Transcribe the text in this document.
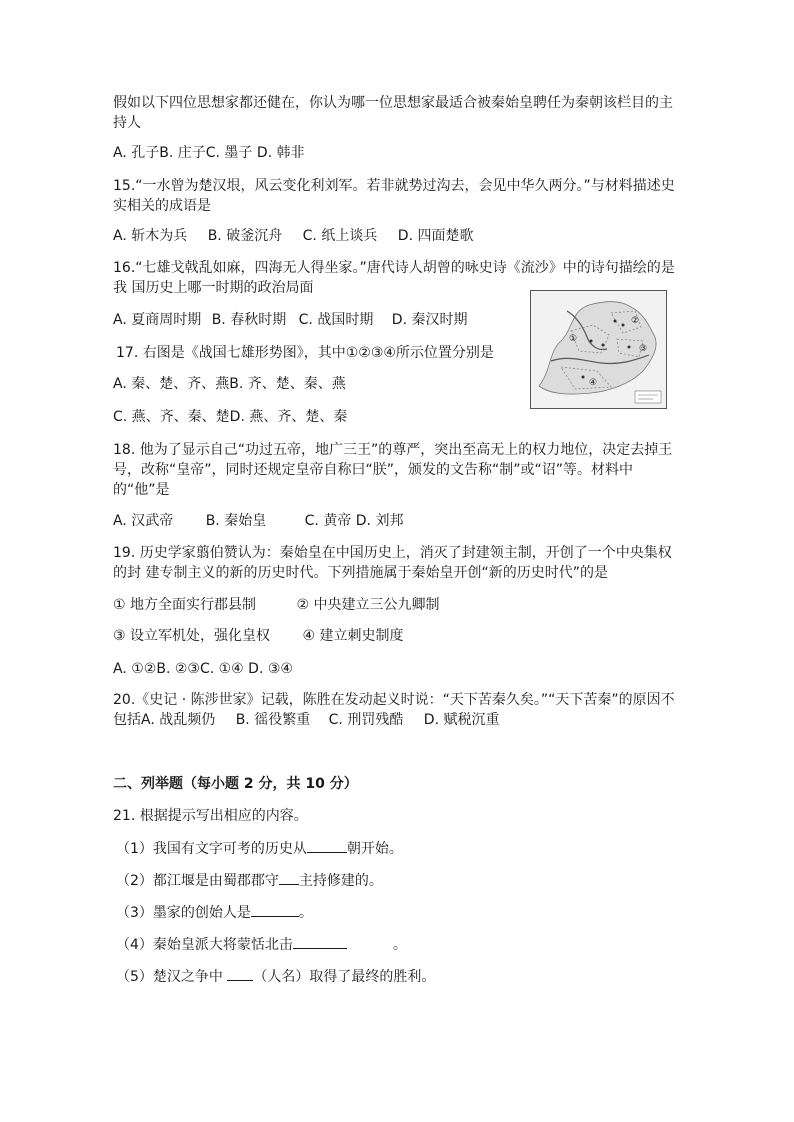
假如以下四位思想家都还健在，你认为哪一位思想家最适合被秦始皇聘任为秦朝该栏目的主持人
A. 孔子B. 庄子C. 墨子 D. 韩非
15.“一水曾为楚汉垠，风云变化利刘军。若非就势过沟去，会见中华久两分。”与材料描述史实相关的成语是
A. 斩木为兵 B. 破釜沉舟 C. 纸上谈兵 D. 四面楚歌
16.“七雄戈戟乱如麻，四海无人得坐家。”唐代诗人胡曾的咏史诗《流沙》中的诗句描绘的是我 国历史上哪一时期的政治局面
A. 夏商周时期 B. 春秋时期 C. 战国时期 D. 秦汉时期
①
②
③
④
17. 右图是《战国七雄形势图》，其中①②③④所示位置分别是
A. 秦、楚、齐、燕B. 齐、楚、秦、燕
C. 燕、齐、秦、楚D. 燕、齐、楚、秦
18. 他为了显示自己“功过五帝，地广三王”的尊严，突出至高无上的权力地位，决定去掉王号，改称“皇帝”，同时还规定皇帝自称曰“朕”，颁发的文告称“制”或“诏”等。材料中的“他”是
A. 汉武帝 B. 秦始皇	C. 黄帝 D. 刘邦
19. 历史学家翦伯赞认为：秦始皇在中国历史上，消灭了封建领主制，开创了一个中央集权的封 建专制主义的新的历史时代。下列措施属于秦始皇开创“新的历史时代”的是
① 地方全面实行郡县制	② 中央建立三公九卿制
③ 设立军机处，强化皇权 ④ 建立刺史制度
A. ①②B. ②③C. ①④ D. ③④
20.《史记 · 陈涉世家》记载，陈胜在发动起义时说：“天下苦秦久矣。”“天下苦秦”的原因不包括A. 战乱频仍 B. 徭役繁重 C. 刑罚残酷 D. 赋税沉重
二、列举题（每小题 2 分，共 10 分）
21. 根据提示写出相应的内容。
（1）我国有文字可考的历史从	朝开始。
（2）都江堰是由蜀郡郡守 主持修建的。
（3）墨家的创始人是	。
（4）秦始皇派大将蒙恬北击	。
（5）楚汉之争中 （人名）取得了最终的胜利。
